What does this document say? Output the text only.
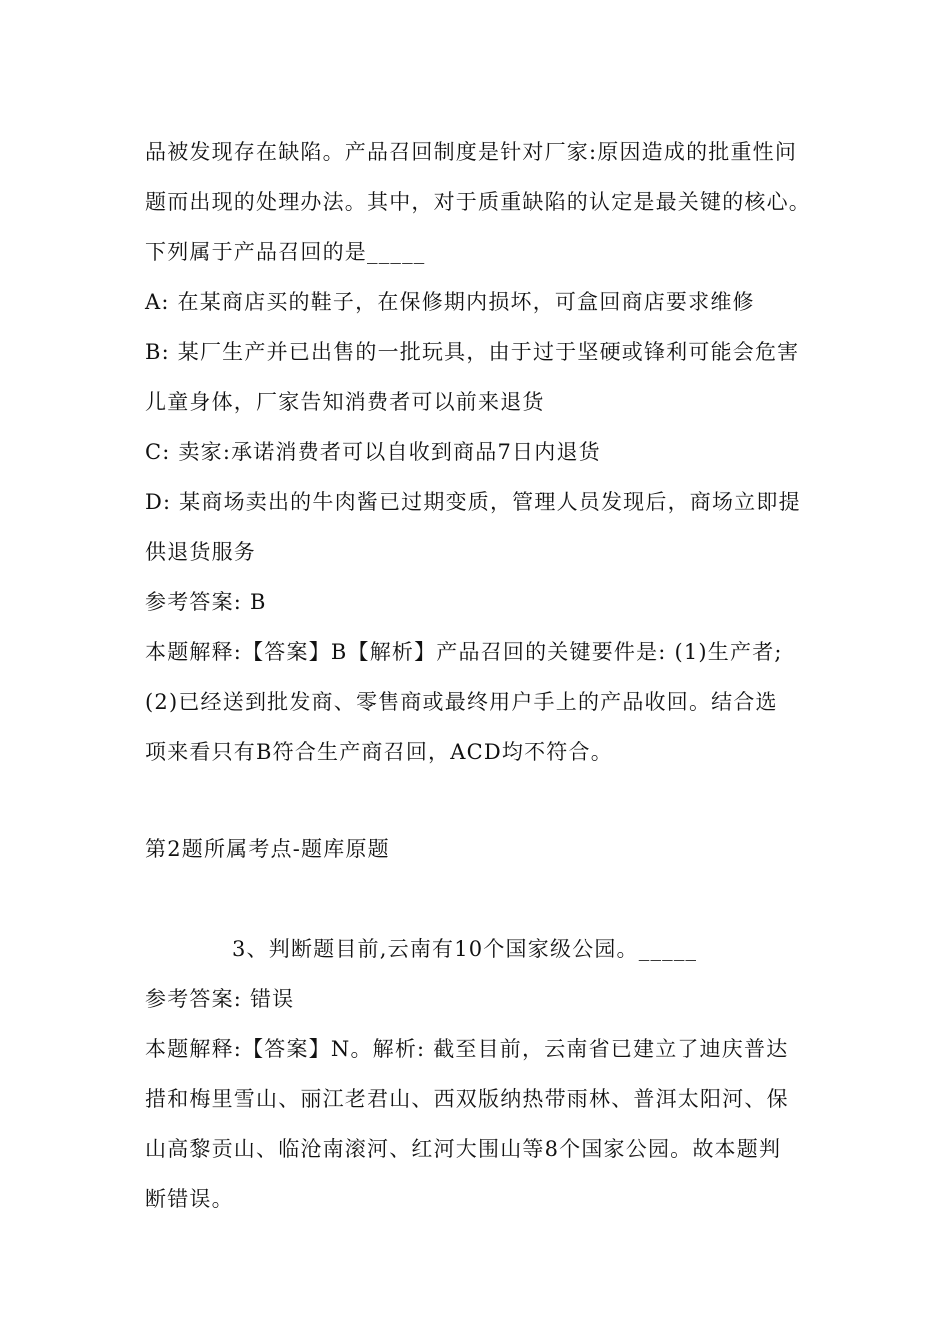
品被发现存在缺陷。产品召回制度是针对厂家:原因造成的批重性问
题而出现的处理办法。其中，对于质重缺陷的认定是最关键的核心。
下列属于产品召回的是_____
A: 在某商店买的鞋子，在保修期内损坏，可盒回商店要求维修
B: 某厂生产并已出售的一批玩具，由于过于坚硬或锋利可能会危害
儿童身体，厂家告知消费者可以前来退货
C: 卖家:承诺消费者可以自收到商品7日内退货
D: 某商场卖出的牛肉酱已过期变质，管理人员发现后，商场立即提
供退货服务
参考答案: B
本题解释:【答案】B【解析】产品召回的关键要件是: (1)生产者;
(2)已经送到批发商、零售商或最终用户手上的产品收回。结合选
项来看只有B符合生产商召回，ACD均不符合。
第2题所属考点-题库原题
3、判断题目前,云南有10个国家级公园。_____
参考答案: 错误
本题解释:【答案】N。解析: 截至目前，云南省已建立了迪庆普达
措和梅里雪山、丽江老君山、西双版纳热带雨林、普洱太阳河、保
山高黎贡山、临沧南滚河、红河大围山等8个国家公园。故本题判
断错误。
